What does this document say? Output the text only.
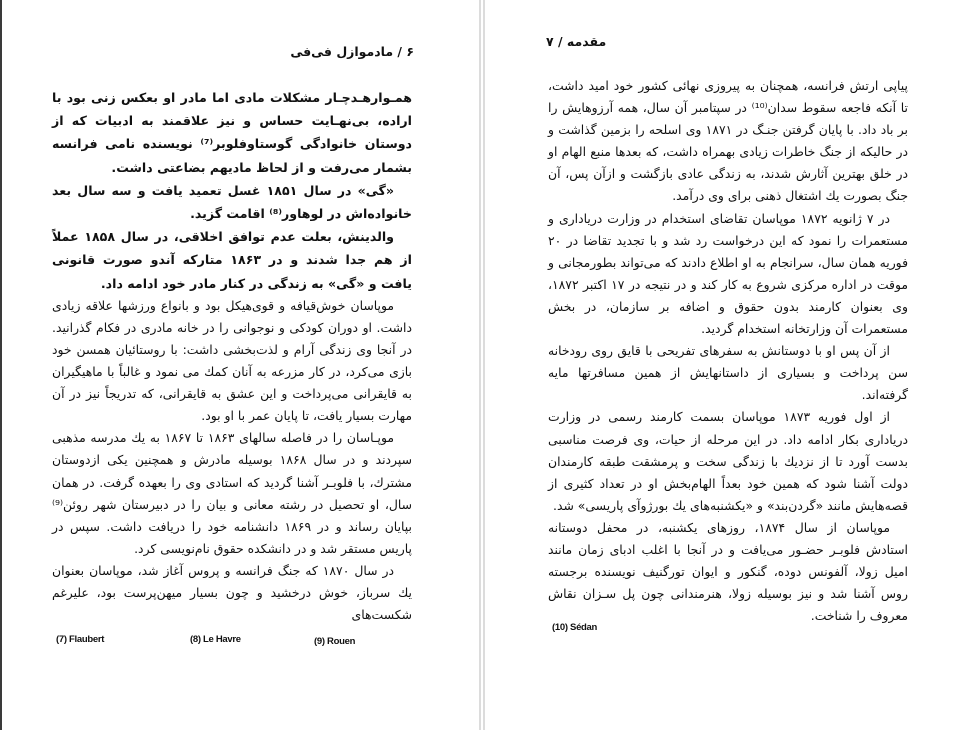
۶ / مادموازل فی‌فی

همـوارهـدچـار مشکلات مادی اما مادر او بعکس زنی بود با اراده، بی‌نهـایت حساس و نیز علاقمند به ادبیات که از دوستان خانوادگی گوستاوفلوبر⁽⁷⁾ نویسنده نامی فرانسه بشمار می‌رفت و از لحاظ مادیهم بضاعتی داشت.

«گی» در سال ۱۸۵۱ غسل تعمید یافت و سه سال بعد خانواده‌اش در لوهاور⁽⁸⁾ اقامت گزید.

والدینش، بعلت عدم توافق اخلاقی، در سال ۱۸۵۸ عملاً از هم جدا شدند و در ۱۸۶۳ متارکه آندو صورت قانونی یافت و «گی» به زندگی در کنار مادر خود ادامه داد.

موپاسان خوش‌قیافه و قوی‌هیکل بود و بانواع ورزشها علاقه زیادی داشت. او دوران کودکی و نوجوانی را در خانه مادری در فکام گذرانید. در آنجا وی زندگی آرام و لذت‌بخشی داشت: با روستائیان همسن خود بازی می‌کرد، در کار مزرعه به آنان کمك می نمود و غالباً با ماهیگیران به قایقرانی می‌پرداخت و این عشق به قایقرانی، که تدریجاً نیز در آن مهارت بسیار یافت، تا پایان عمر با او بود.

موپـاسان را در فاصله سالهای ۱۸۶۳ تا ۱۸۶۷ به یك مدرسه مذهبی سپردند و در سال ۱۸۶۸ بوسیله مادرش و همچنین یکی ازدوستان مشترك، با فلوبـر آشنا گردید که استادی وی را بعهده گرفت. در همان سال، او تحصیل در رشته معانی و بیان را در دبیرستان شهر روئن⁽⁹⁾ بپایان رساند و در ۱۸۶۹ دانشنامه خود را دریافت داشت. سپس در پاریس مستقر شد و در دانشکده حقوق نام‌نویسی کرد.

در سال ۱۸۷۰ که جنگ فرانسه و پروس آغاز شد، موپاسان بعنوان یك سرباز، خوش درخشید و چون بسیار میهن‌پرست بود، علیرغم شکست‌های

(7) Flaubert	(8) Le Havre	(9) Rouen
مقدمه / ۷

پیاپی ارتش فرانسه، همچنان به پیروزی نهائی کشور خود امید داشت، تا آنکه فاجعه سقوط سدان⁽¹⁰⁾ در سپتامبر آن سال، همه آرزوهایش را بر باد داد. با پایان گرفتن جنـگ در ۱۸۷۱ وی اسلحه را بزمین گذاشت و در حالیکه از جنگ خاطرات زیادی بهمراه داشت، که بعدها منبع الهام او در خلق بهترین آثارش شدند، به زندگی عادی بازگشت و ازآن پس، آن جنگ بصورت یك اشتغال ذهنی برای وی درآمد.

در ۷ ژانویه ۱۸۷۲ موپاسان تقاضای استخدام در وزارت دریاداری و مستعمرات را نمود که این درخواست رد شد و با تجدید تقاضا در ۲۰ فوریه همان سال، سرانجام به او اطلاع دادند که می‌تواند بطورمجانی و موقت در اداره مرکزی شروع به کار کند و در نتیجه در ۱۷ اکتبر ۱۸۷۲، وی بعنوان کارمند بدون حقوق و اضافه بر سازمان، در بخش مستعمرات آن وزارتخانه استخدام گردید.

از آن پس او با دوستانش به سفرهای تفریحی با قایق روی رودخانه سن پرداخت و بسیاری از داستانهایش از همین مسافرتها مایه گرفته‌اند.

از اول فوریه ۱۸۷۳ موپاسان بسمت کارمند رسمی در وزارت دریاداری بکار ادامه داد. در این مرحله از حیات، وی فرصت مناسبی بدست آورد تا از نزدیك با زندگی سخت و پرمشقت طبقه کارمندان دولت آشنا شود که همین خود بعداً الهام‌بخش او در تعداد کثیری از قصه‌هایش مانند «گردن‌بند» و «یکشنبه‌های یك بورژوآی پاریسی» شد.

موپاسان از سال ۱۸۷۴، روزهای یکشنبه، در محفل دوستانه استادش فلوبـر حضـور می‌یافت و در آنجا با اغلب ادبای زمان مانند امیل زولا، آلفونس دوده، گنکور و ایوان تورگنیف نویسنده برجسته روس آشنا شد و نیز بوسیله زولا، هنرمندانی چون پل سـزان نقاش معروف را شناخت.

(10) Sédan
